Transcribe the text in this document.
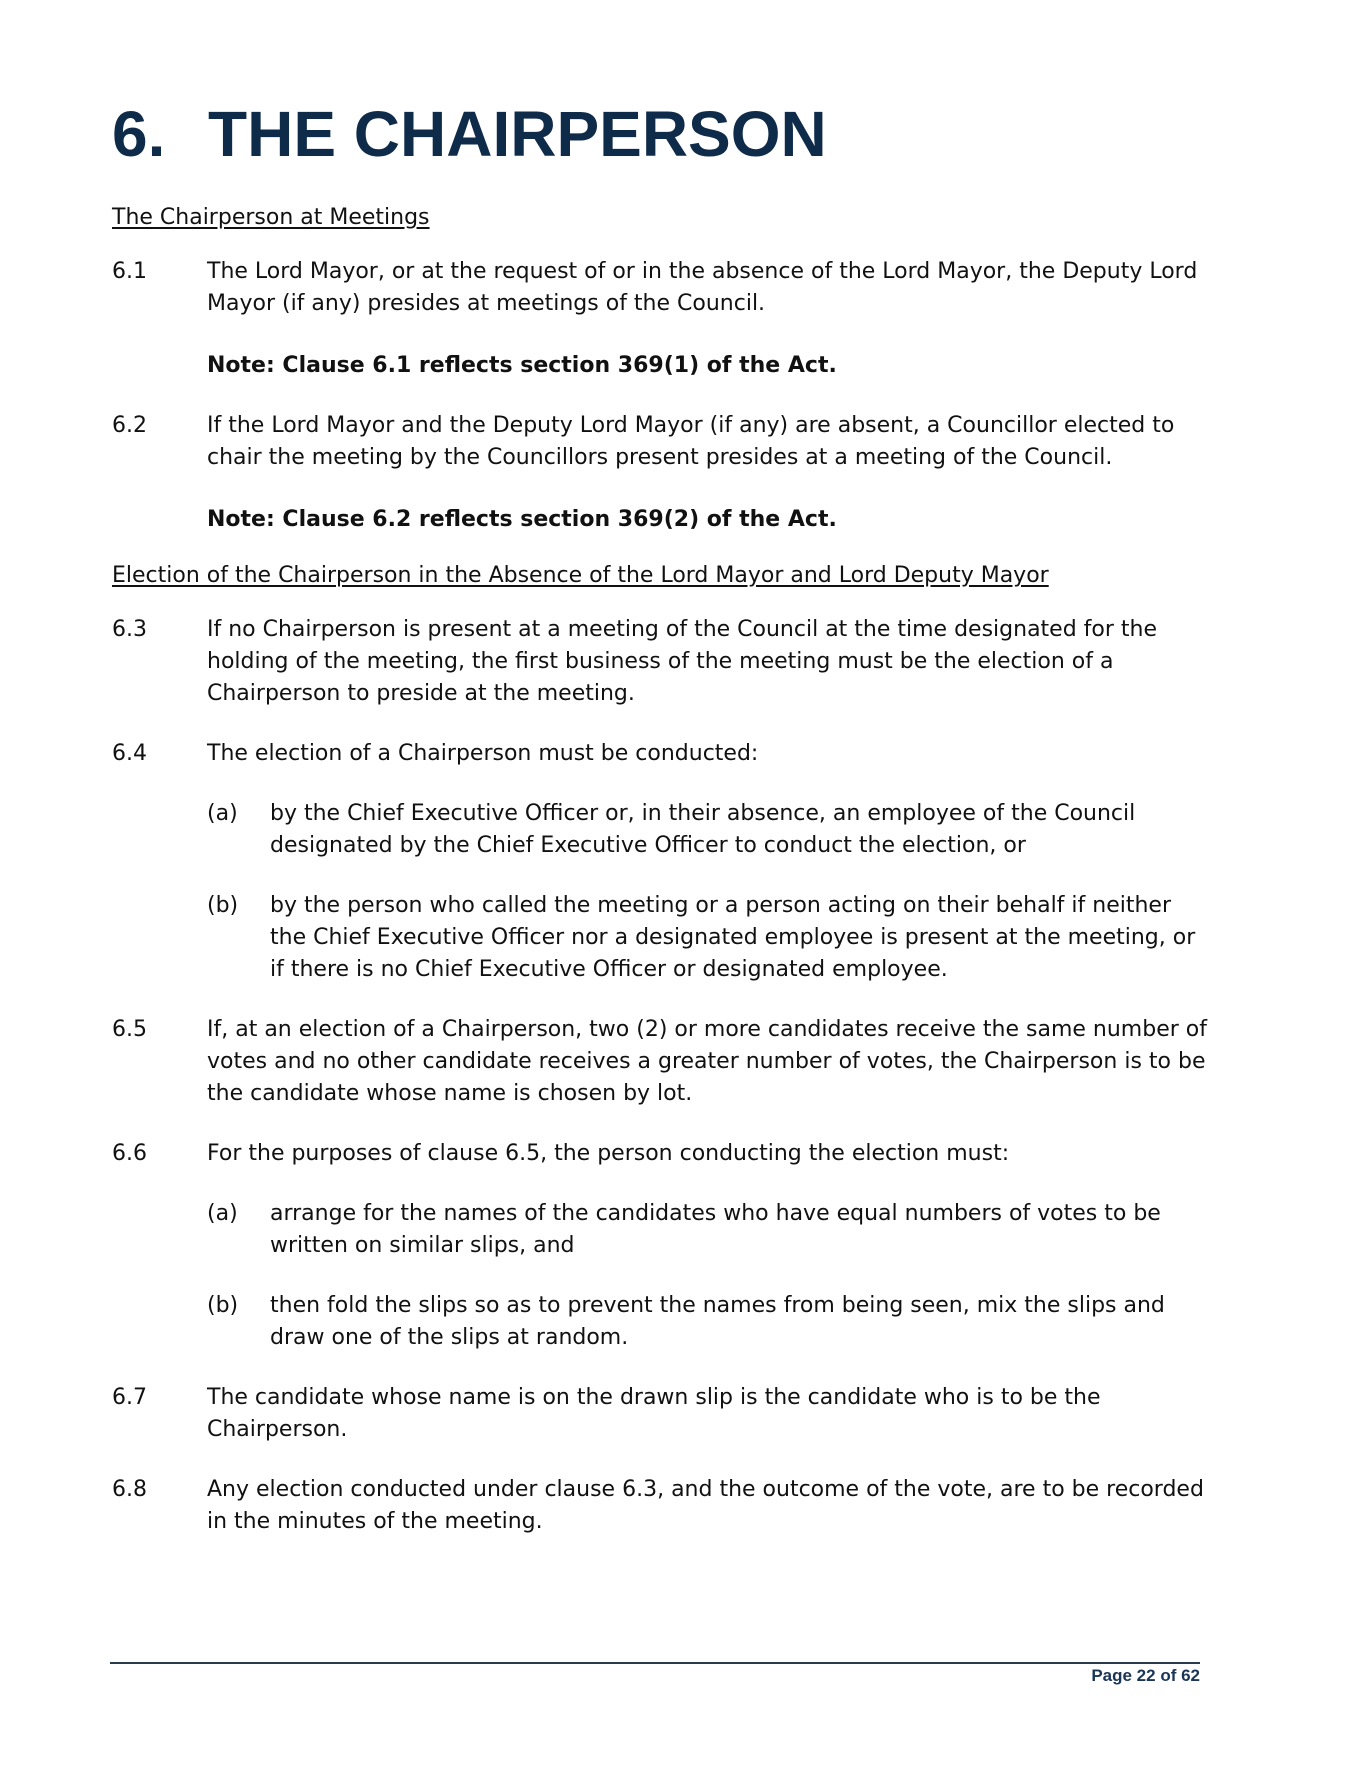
6. THE CHAIRPERSON
The Chairperson at Meetings
6.1	The Lord Mayor, or at the request of or in the absence of the Lord Mayor, the Deputy Lord Mayor (if any) presides at meetings of the Council.
Note: Clause 6.1 reflects section 369(1) of the Act.
6.2	If the Lord Mayor and the Deputy Lord Mayor (if any) are absent, a Councillor elected to chair the meeting by the Councillors present presides at a meeting of the Council.
Note: Clause 6.2 reflects section 369(2) of the Act.
Election of the Chairperson in the Absence of the Lord Mayor and Lord Deputy Mayor
6.3	If no Chairperson is present at a meeting of the Council at the time designated for the holding of the meeting, the first business of the meeting must be the election of a Chairperson to preside at the meeting.
6.4	The election of a Chairperson must be conducted:
(a)	by the Chief Executive Officer or, in their absence, an employee of the Council designated by the Chief Executive Officer to conduct the election, or
(b)	by the person who called the meeting or a person acting on their behalf if neither the Chief Executive Officer nor a designated employee is present at the meeting, or if there is no Chief Executive Officer or designated employee.
6.5	If, at an election of a Chairperson, two (2) or more candidates receive the same number of votes and no other candidate receives a greater number of votes, the Chairperson is to be the candidate whose name is chosen by lot.
6.6	For the purposes of clause 6.5, the person conducting the election must:
(a)	arrange for the names of the candidates who have equal numbers of votes to be written on similar slips, and
(b)	then fold the slips so as to prevent the names from being seen, mix the slips and draw one of the slips at random.
6.7	The candidate whose name is on the drawn slip is the candidate who is to be the Chairperson.
6.8	Any election conducted under clause 6.3, and the outcome of the vote, are to be recorded in the minutes of the meeting.
Page 22 of 62
